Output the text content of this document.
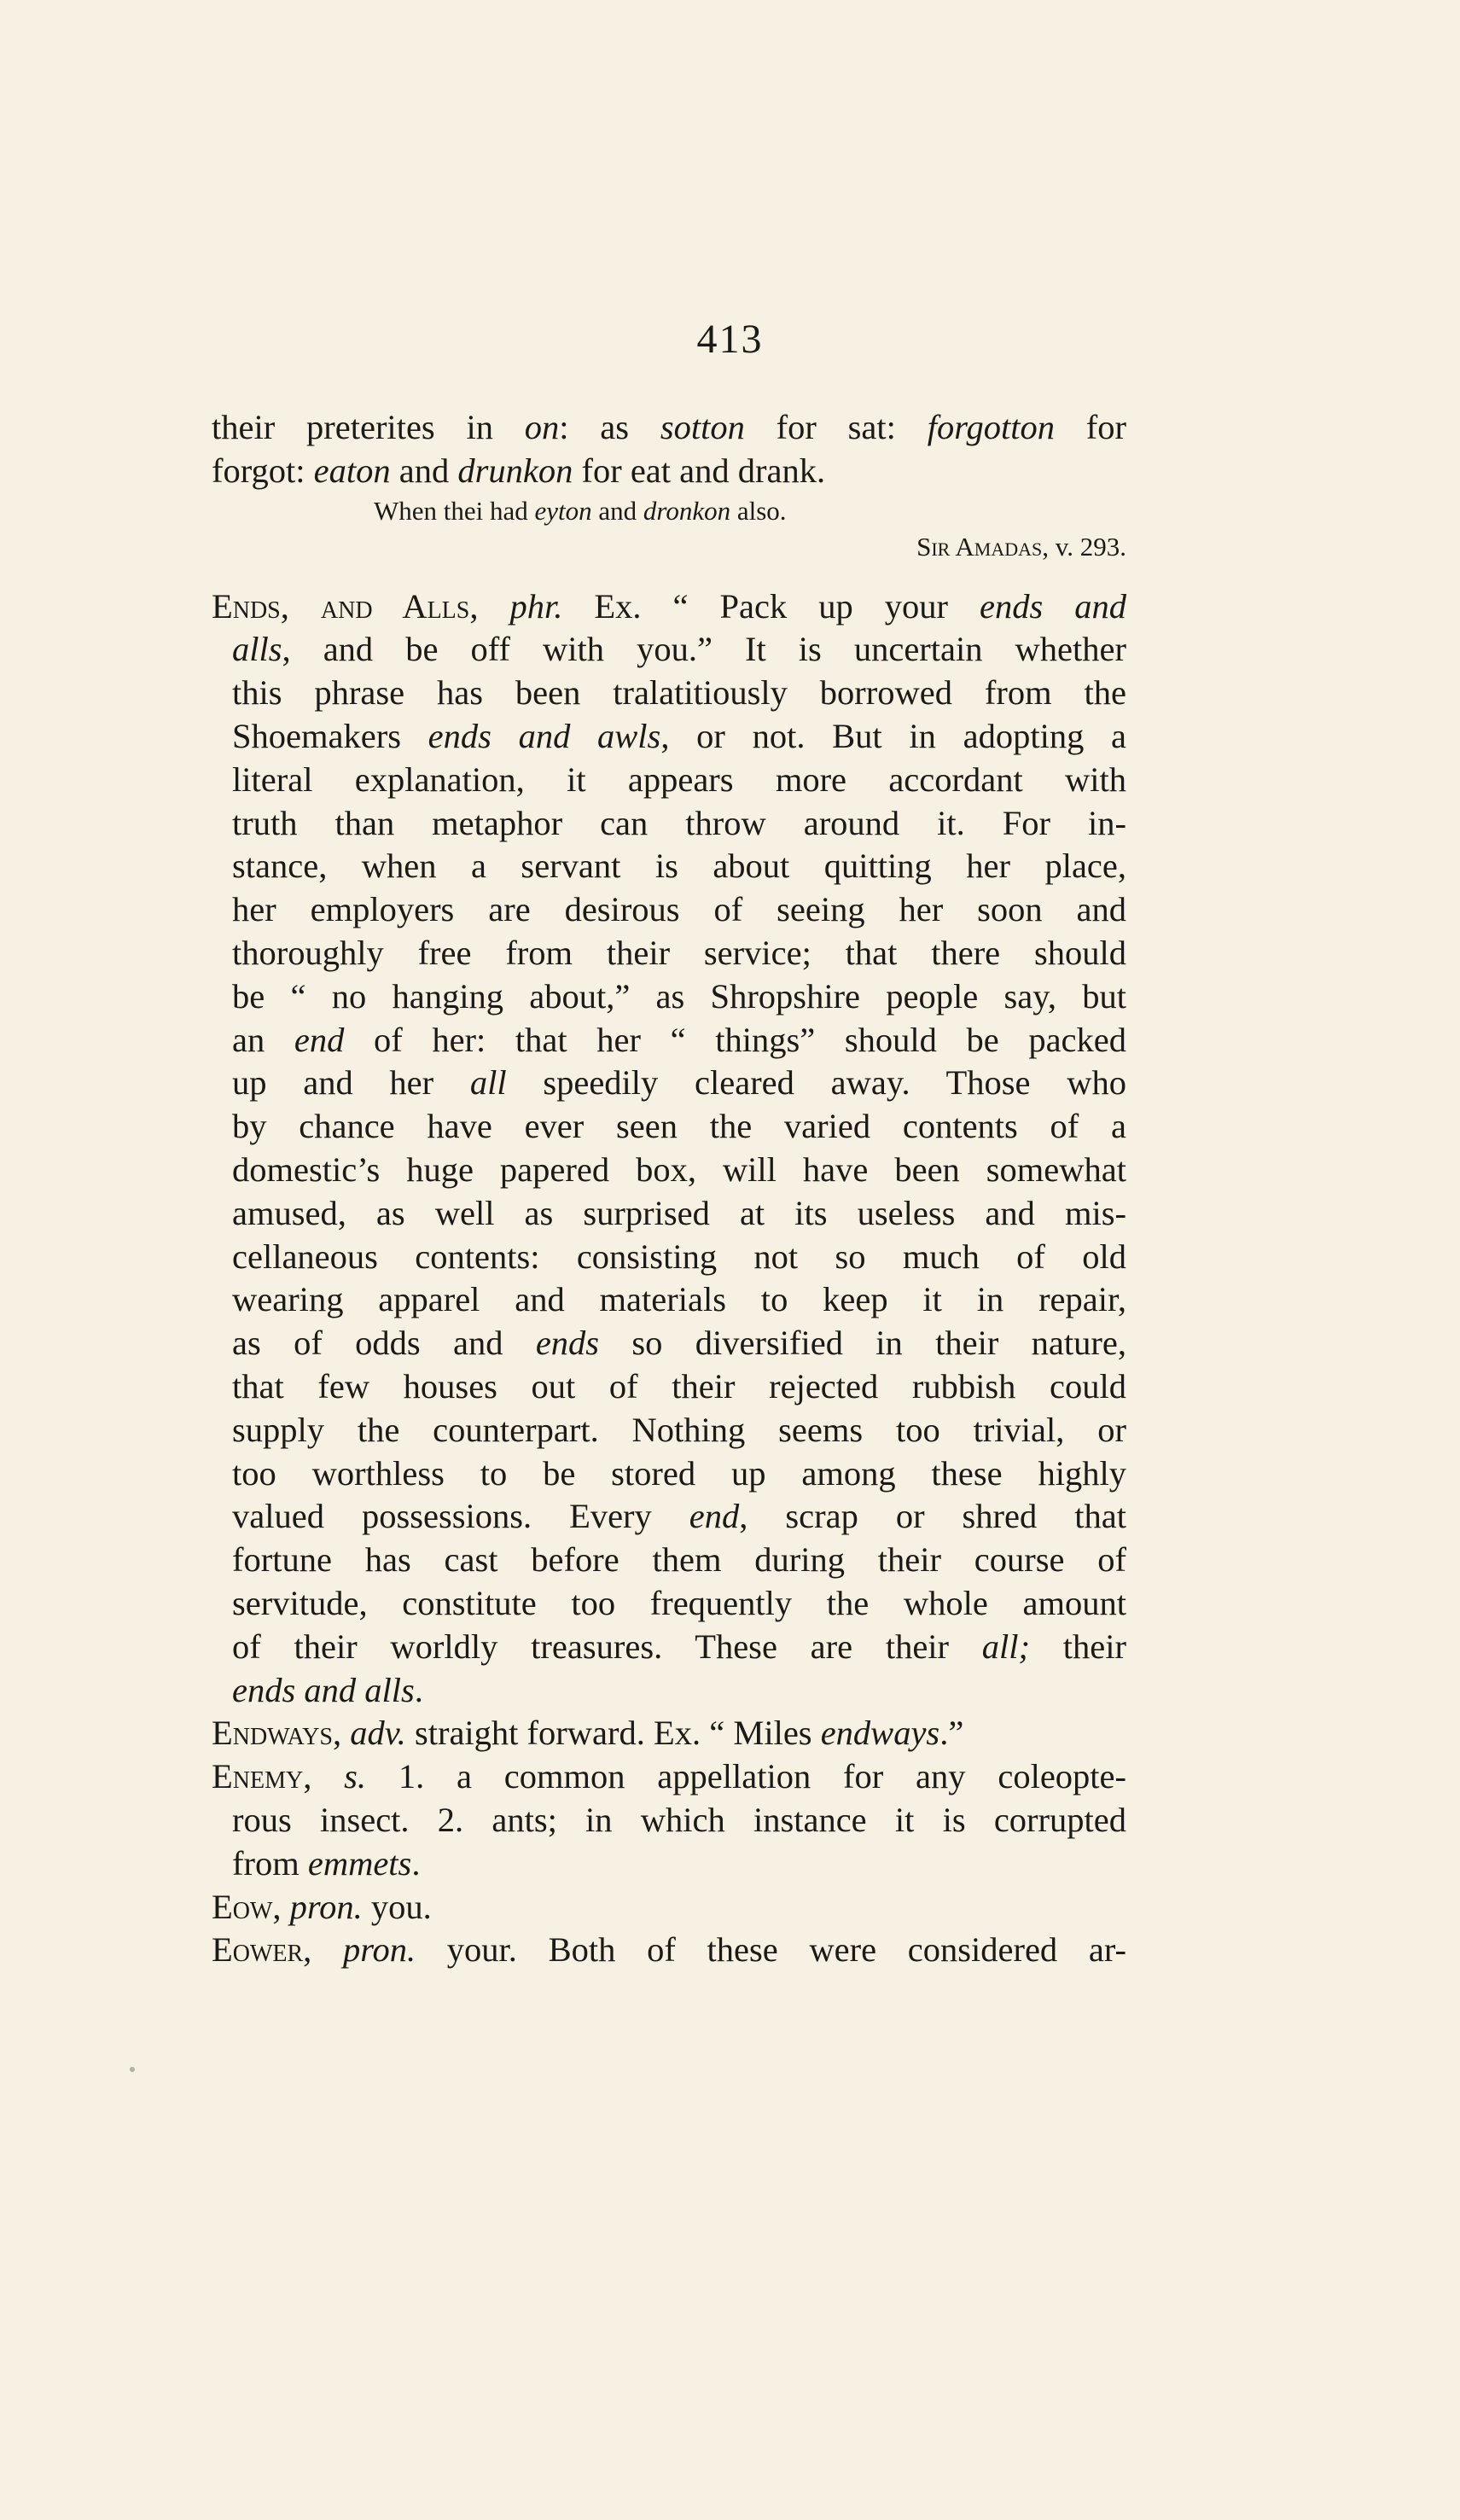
413
their preterites in on: as sotton for sat: forgotton for
forgot: eaton and drunkon for eat and drank.
When thei had eyton and dronkon also.
Sir Amadas, v. 293.
Ends, and Alls, phr. Ex. “ Pack up your ends and
alls, and be off with you.” It is uncertain whether
this phrase has been tralatitiously borrowed from the
Shoemakers ends and awls, or not. But in adopting a
literal explanation, it appears more accordant with
truth than metaphor can throw around it. For in-
stance, when a servant is about quitting her place,
her employers are desirous of seeing her soon and
thoroughly free from their service; that there should
be “ no hanging about,” as Shropshire people say, but
an end of her: that her “ things” should be packed
up and her all speedily cleared away. Those who
by chance have ever seen the varied contents of a
domestic’s huge papered box, will have been somewhat
amused, as well as surprised at its useless and mis-
cellaneous contents: consisting not so much of old
wearing apparel and materials to keep it in repair,
as of odds and ends so diversified in their nature,
that few houses out of their rejected rubbish could
supply the counterpart. Nothing seems too trivial, or
too worthless to be stored up among these highly
valued possessions. Every end, scrap or shred that
fortune has cast before them during their course of
servitude, constitute too frequently the whole amount
of their worldly treasures. These are their all; their
ends and alls.
Endways, adv. straight forward. Ex. “ Miles endways.”
Enemy, s. 1. a common appellation for any coleopte-
rous insect. 2. ants; in which instance it is corrupted
from emmets.
Eow, pron. you.
Eower, pron. your. Both of these were considered ar-
